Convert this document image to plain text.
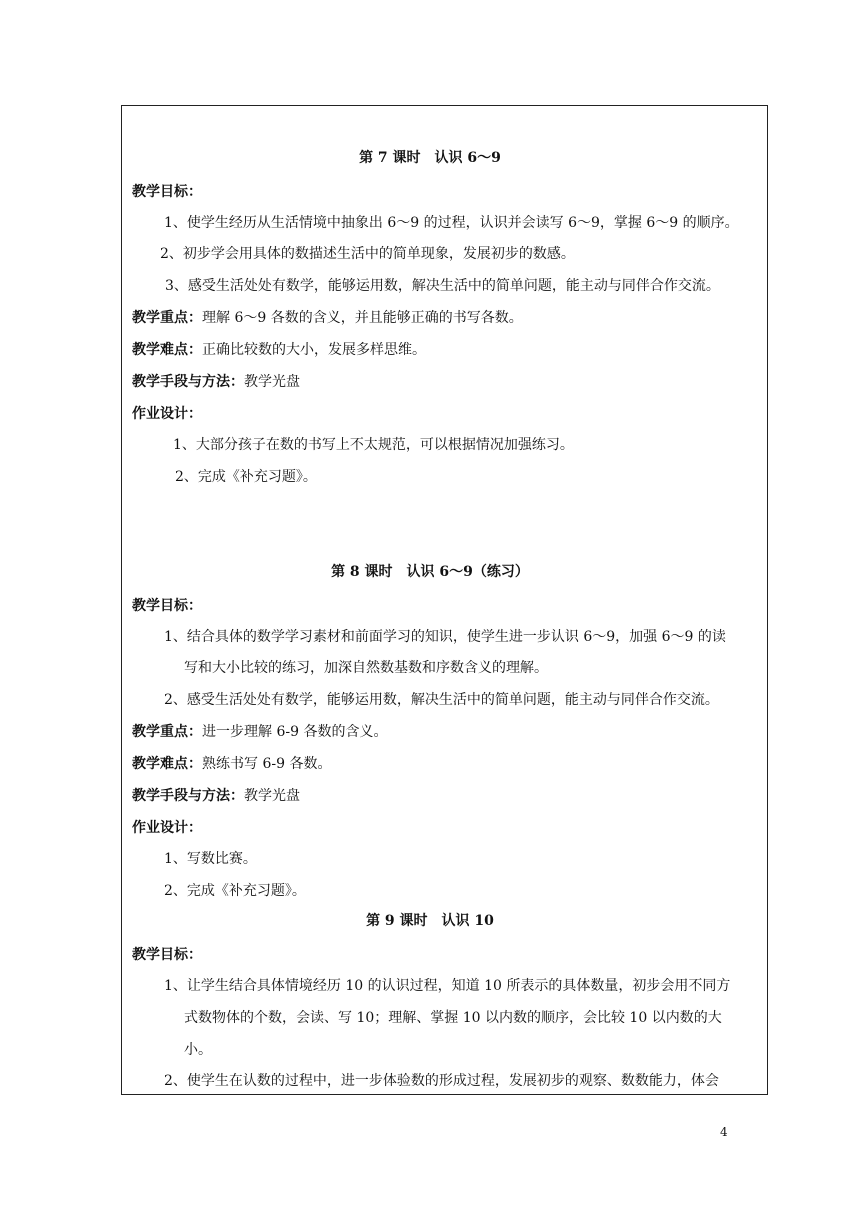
第 7 课时　认识 6～9
教学目标：
1、使学生经历从生活情境中抽象出 6～9 的过程，认识并会读写 6～9，掌握 6～9 的顺序。
2、初步学会用具体的数描述生活中的简单现象，发展初步的数感。
3、感受生活处处有数学，能够运用数，解决生活中的简单问题，能主动与同伴合作交流。
教学重点：理解 6～9 各数的含义，并且能够正确的书写各数。
教学难点：正确比较数的大小，发展多样思维。
教学手段与方法：教学光盘
作业设计：
1、大部分孩子在数的书写上不太规范，可以根据情况加强练习。
2、完成《补充习题》。
第 8 课时　认识 6～9（练习）
教学目标：
1、结合具体的数学学习素材和前面学习的知识，使学生进一步认识 6～9，加强 6～9 的读
写和大小比较的练习，加深自然数基数和序数含义的理解。
2、感受生活处处有数学，能够运用数，解决生活中的简单问题，能主动与同伴合作交流。
教学重点：进一步理解 6-9 各数的含义。
教学难点：熟练书写 6-9 各数。
教学手段与方法：教学光盘
作业设计：
1、写数比赛。
2、完成《补充习题》。
第 9 课时　认识 10
教学目标：
1、让学生结合具体情境经历 10 的认识过程，知道 10 所表示的具体数量，初步会用不同方
式数物体的个数，会读、写 10；理解、掌握 10 以内数的顺序，会比较 10 以内数的大
小。
2、使学生在认数的过程中，进一步体验数的形成过程，发展初步的观察、数数能力，体会
4
